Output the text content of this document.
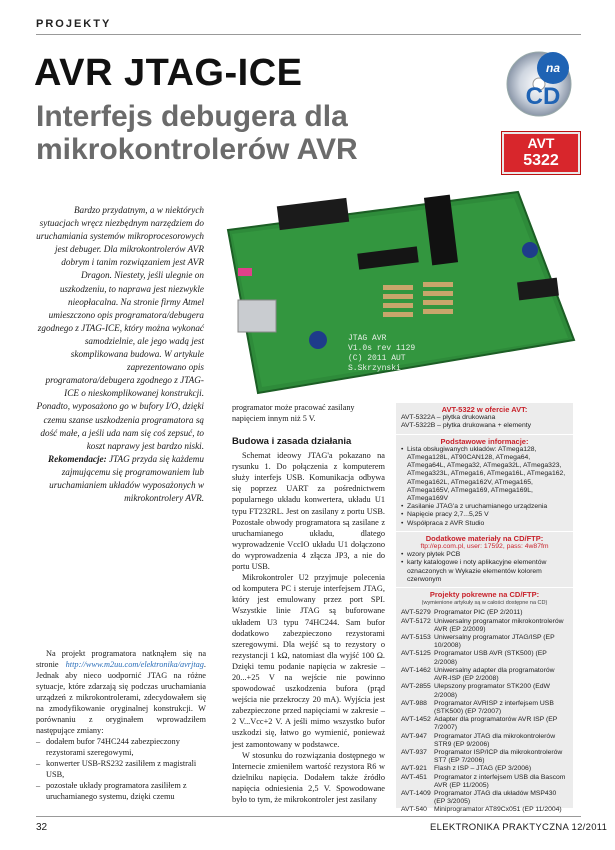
PROJEKTY
AVR JTAG-ICE
Interfejs debugera dla mikrokontrolerów AVR
na
CD
AVT
5322
Bardzo przydatnym, a w niektórych sytuacjach wręcz niezbędnym narzędziem do uruchamiania systemów mikroprocesorowych jest debuger. Dla mikrokontrolerów AVR dobrym i tanim rozwiązaniem jest AVR Dragon. Niestety, jeśli ulegnie on uszkodzeniu, to naprawa jest niezwykle nieopłacalna. Na stronie firmy Atmel umieszczono opis programatora/debugera zgodnego z JTAG-ICE, który można wykonać samodzielnie, ale jego wadą jest skomplikowana budowa. W artykule zaprezentowano opis programatora/debugera zgodnego z JTAG-ICE o nieskomplikowanej konstrukcji. Ponadto, wyposażono go w bufory I/O, dzięki czemu szanse uszkodzenia programatora są dość małe, a jeśli uda nam się coś zepsuć, to koszt naprawy jest bardzo niski. Rekomendacje: JTAG przyda się każdemu zajmującemu się programowaniem lub uruchamianiem układów wyposażonych w mikrokontrolery AVR.
JTAG AVR
V1.0s rev 1129
(C) 2011 AUT
S.Skrzynski
programator może pracować zasilany napięciem innym niż 5 V.

Na projekt programatora natknąłem się na stronie http://www.m2uu.com/elektronika/avrjtag. Jednak aby nieco uodpornić JTAG na różne sytuacje, które zdarzają się podczas uruchamiania urządzeń z mikrokontrolerami, zdecydowałem się na zmodyfikowanie oryginalnej konstrukcji. W porównaniu z oryginałem wprowadziłem następujące zmiany:

– dodałem bufor 74HC244 zabezpieczony rezystorami szeregowymi,
– konwerter USB-RS232 zasiliłem z magistrali USB,
– pozostałe układy programatora zasiliłem z uruchamianego systemu, dzięki czemu
Budowa i zasada działania

Schemat ideowy JTAG'a pokazano na rysunku 1. Do połączenia z komputerem służy interfejs USB. Komunikacja odbywa się poprzez UART za pośrednictwem popularnego układu konwertera, układu U1 typu FT232RL. Jest on zasilany z portu USB. Pozostałe obwody programatora są zasilane z uruchamianego układu, dlatego wyprowadzenie VccIO układu U1 dołączono do wyprowadzenia 4 złącza JP3, a nie do portu USB.

Mikrokontroler U2 przyjmuje polecenia od komputera PC i steruje interfejsem JTAG, który jest emulowany przez port SPI. Wszystkie linie JTAG są buforowane układem U3 typu 74HC244. Sam bufor dodatkowo zabezpieczono rezystorami szeregowymi. Dla wejść są to rezystory o rezystancji 1 kΩ, natomiast dla wyjść 100 Ω. Dzięki temu podanie napięcia w zakresie –20...+25 V na wejście nie powinno spowodować uszkodzenia bufora (prąd wejścia nie przekroczy 20 mA). Wyjścia jest zabezpieczone przed napięciami w zakresie –2 V...Vcc+2 V. A jeśli mimo wszystko bufor uszkodzi się, łatwo go wymienić, ponieważ jest zamontowany w podstawce.

W stosunku do rozwiązania dostępnego w Internecie zmieniłem wartość rezystora R6 w dzielniku napięcia. Dodałem także źródło napięcia odniesienia 2,5 V. Spowodowane było to tym, że mikrokontroler jest zasilany

AVT-5322 w ofercie AVT:
AVT-5322A – płytka drukowana
AVT-5322B – płytka drukowana + elementy
Podstawowe informacje:
• Lista obsługiwanych układów: ATmega128, ATmega128L, AT90CAN128, ATmega64, ATmega64L, ATmega32, ATmega32L, ATmega323, ATmega323L, ATmega16, ATmega16L, ATmega162, ATmega162L, ATmega162V, ATmega165, ATmega165V, ATmega169, ATmega169L, ATmega169V
• Zasilanie JTAG'a z uruchamianego urządzenia
• Napięcie pracy 2,7...5,25 V
• Współpraca z AVR Studio
Dodatkowe materiały na CD/FTP:
ftp://ep.com.pl, user: 17592, pass: 4w87fm
• wzory płytek PCB
• karty katalogowe i noty aplikacyjne elementów oznaczonych w Wykazie elementów kolorem czerwonym
Projekty pokrewne na CD/FTP:
(wymienione artykuły są w całości dostępne na CD)
AVT-5279	Programator PIC (EP 2/2011)
AVT-5172	Uniwersalny programator mikrokontrolerów AVR (EP 2/2009)
AVT-5153	Uniwersalny programator JTAG/ISP (EP 10/2008)
AVT-5125	Programator USB AVR (STK500) (EP 2/2008)
AVT-1462	Uniwersalny adapter dla programatorów AVR-ISP (EP 2/2008)
AVT-2855	Ulepszony programator STK200 (EdW 2/2008)
AVT-988	Programator AVRISP z interfejsem USB (STK500) (EP 7/2007)
AVT-1452	Adapter dla programatorów AVR ISP (EP 7/2007)
AVT-947	Programator JTAG dla mikrokontrolerów STR9 (EP 9/2006)
AVT-937	Programator ISP/ICP dla mikrokontrolerów ST7 (EP 7/2006)
AVT-921	Flash z ISP – JTAG (EP 3/2006)
AVT-451	Programator z interfejsem USB dla Bascom AVR (EP 11/2005)
AVT-1409	Programator JTAG dla układów MSP430 (EP 3/2005)
AVT-540	Miniprogramator AT89Cx051 (EP 11/2004)
32	ELEKTRONIKA PRAKTYCZNA 12/2011
